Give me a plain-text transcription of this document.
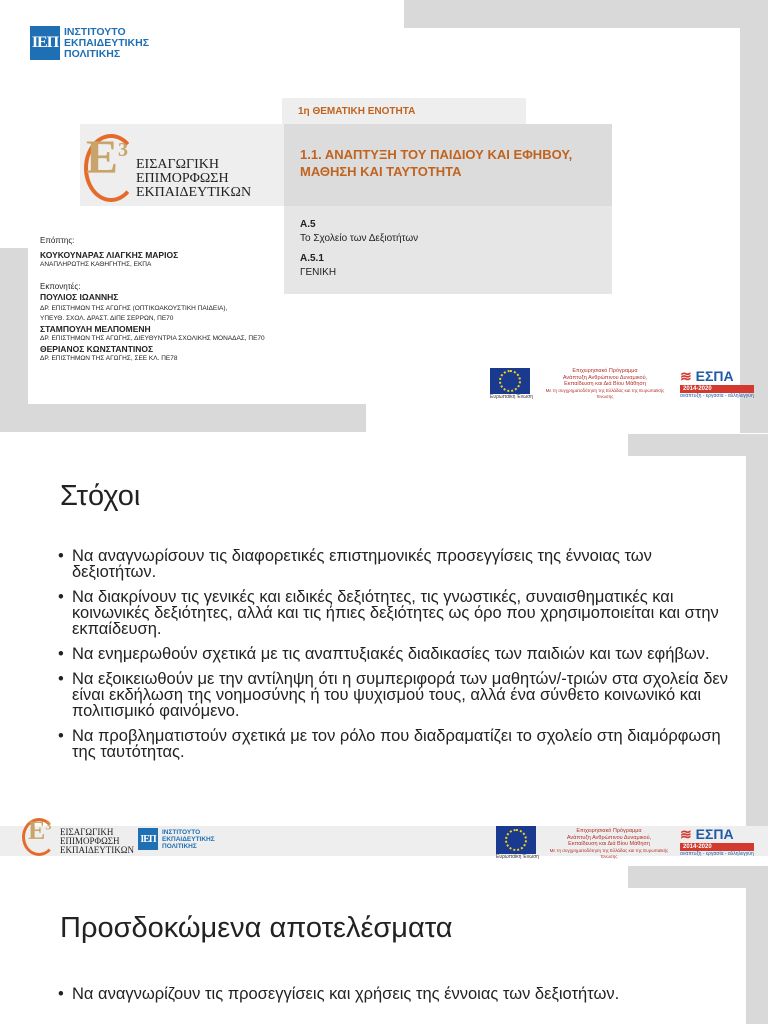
ΙΕΠ
ΙΝΣΤΙΤΟΥΤΟ
ΕΚΠΑΙΔΕΥΤΙΚΗΣ
ΠΟΛΙΤΙΚΗΣ
$E^3$
ΕΙΣΑΓΩΓΙΚΗ
ΕΠΙΜΟΡΦΩΣΗ
ΕΚΠΑΙΔΕΥΤΙΚΩΝ
1η ΘΕΜΑΤΙΚΗ ΕΝΟΤΗΤΑ
1.1. ΑΝΑΠΤΥΞΗ ΤΟΥ ΠΑΙΔΙΟΥ ΚΑΙ ΕΦΗΒΟΥ, ΜΑΘΗΣΗ ΚΑΙ ΤΑΥΤΟΤΗΤΑ
Α.5
Το Σχολείο των Δεξιοτήτων
Α.5.1
ΓΕΝΙΚΗ
Επόπτης:
ΚΟΥΚΟΥΝΑΡΑΣ ΛΙΑΓΚΗΣ ΜΑΡΙΟΣ
ΑΝΑΠΛΗΡΩΤΗΣ ΚΑΘΗΓΗΤΗΣ, ΕΚΠΑ
Εκπονητές:
ΠΟΥΛΙΟΣ ΙΩΑΝΝΗΣ
ΔΡ. ΕΠΙΣΤΗΜΩΝ ΤΗΣ ΑΓΩΓΗΣ (ΟΠΤΙΚΟΑΚΟΥΣΤΙΚΗ ΠΑΙΔΕΙΑ),
ΥΠΕΥΘ. ΣΧΟΛ. ΔΡΑΣΤ. ΔΙΠΕ ΣΕΡΡΩΝ, ΠΕ70
ΣΤΑΜΠΟΥΛΗ ΜΕΛΠΟΜΕΝΗ
ΔΡ. ΕΠΙΣΤΗΜΩΝ ΤΗΣ ΑΓΩΓΗΣ, ΔΙΕΥΘΥΝΤΡΙΑ ΣΧΟΛΙΚΗΣ ΜΟΝΑΔΑΣ, ΠΕ70
ΘΕΡΙΑΝΟΣ ΚΩΝΣΤΑΝΤΙΝΟΣ
ΔΡ. ΕΠΙΣΤΗΜΩΝ ΤΗΣ ΑΓΩΓΗΣ, ΣΕΕ ΚΛ. ΠΕ78
Ευρωπαϊκή Ένωση
Επιχειρησιακό Πρόγραμμα
Ανάπτυξη Ανθρώπινου Δυναμικού,
Εκπαίδευση και Διά Βίου Μάθηση
Με τη συγχρηματοδότηση της Ελλάδας και της Ευρωπαϊκής Ένωσης
≋ ΕΣΠΑ
2014-2020
ανάπτυξη - εργασία - αλληλεγγύη
Στόχοι
• Να αναγνωρίσουν τις διαφορετικές επιστημονικές προσεγγίσεις της έννοιας των δεξιοτήτων.
• Να διακρίνουν τις γενικές και ειδικές δεξιότητες, τις γνωστικές, συναισθηματικές και κοινωνικές δεξιότητες, αλλά και τις ήπιες δεξιότητες ως όρο που χρησιμοποιείται και στην εκπαίδευση.
• Να ενημερωθούν σχετικά με τις αναπτυξιακές διαδικασίες των παιδιών και των εφήβων.
• Να εξοικειωθούν με την αντίληψη ότι η συμπεριφορά των μαθητών/-τριών στα σχολεία δεν είναι εκδήλωση της νοημοσύνης ή του ψυχισμού τους, αλλά ένα σύνθετο κοινωνικό και πολιτισμικό φαινόμενο.
• Να προβληματιστούν σχετικά με τον ρόλο που διαδραματίζει το σχολείο στη διαμόρφωση της ταυτότητας.
$E^3$ ΕΙΣΑΓΩΓΙΚΗ
ΕΠΙΜΟΡΦΩΣΗ
ΕΚΠΑΙΔΕΥΤΙΚΩΝ
ΙΕΠ
ΙΝΣΤΙΤΟΥΤΟ
ΕΚΠΑΙΔΕΥΤΙΚΗΣ
ΠΟΛΙΤΙΚΗΣ
Ευρωπαϊκή Ένωση
Επιχειρησιακό Πρόγραμμα
Ανάπτυξη Ανθρώπινου Δυναμικού,
Εκπαίδευση και Διά Βίου Μάθηση
Με τη συγχρηματοδότηση της Ελλάδας και της Ευρωπαϊκής Ένωσης
≋ ΕΣΠΑ
2014-2020
ανάπτυξη - εργασία - αλληλεγγύη
Προσδοκώμενα αποτελέσματα
• Να αναγνωρίζουν τις προσεγγίσεις και χρήσεις της έννοιας των δεξιοτήτων.
